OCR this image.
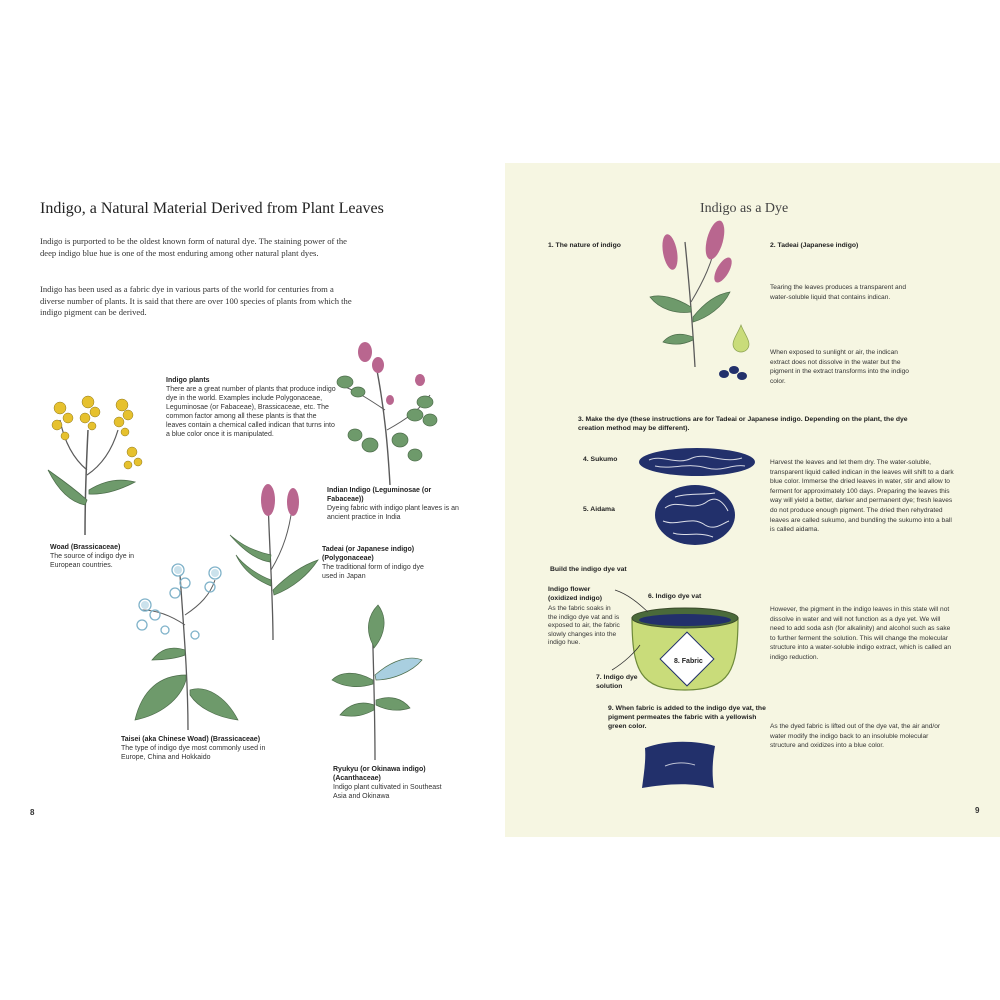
Indigo, a Natural Material Derived from Plant Leaves

Indigo is purported to be the oldest known form of natural dye. The staining power of the deep indigo blue hue is one of the most enduring among other natural plant dyes.

Indigo has been used as a fabric dye in various parts of the world for centuries from a diverse number of plants. It is said that there are over 100 species of plants from which the indigo pigment can be derived.

Indigo plants
There are a great number of plants that produce indigo dye in the world. Examples include Polygonaceae, Leguminosae (or Fabaceae), Brassicaceae, etc. The common factor among all these plants is that the leaves contain a chemical called indican that turns into a blue color once it is manipulated.
Woad (Brassicaceae)
The source of indigo dye in European countries.
Indian Indigo (Leguminosae (or Fabaceae))
Dyeing fabric with indigo plant leaves is an ancient practice in India
Tadeai (or Japanese indigo) (Polygonaceae)
The traditional form of indigo dye used in Japan
Taisei (aka Chinese Woad) (Brassicaceae)
The type of indigo dye most commonly used in Europe, China and Hokkaido
Ryukyu (or Okinawa indigo) (Acanthaceae)
Indigo plant cultivated in Southeast Asia and Okinawa
8
Indigo as a Dye
1. The nature of indigo	2. Tadeai (Japanese indigo)
Tearing the leaves produces a transparent and water-soluble liquid that contains indican.
When exposed to sunlight or air, the indican extract does not dissolve in the water but the pigment in the extract transforms into the indigo color.
3. Make the dye (these instructions are for Tadeai or Japanese indigo. Depending on the plant, the dye creation method may be different).
4. Sukumo
5. Aidama
Harvest the leaves and let them dry. The water-soluble, transparent liquid called indican in the leaves will shift to a dark blue color. Immerse the dried leaves in water, stir and allow to ferment for approximately 100 days. Preparing the leaves this way will yield a better, darker and permanent dye; fresh leaves do not produce enough pigment. The dried then rehydrated leaves are called sukumo, and bundling the sukumo into a ball is called aidama.
Build the indigo dye vat
Indigo flower (oxidized indigo)
As the fabric soaks in the indigo dye vat and is exposed to air, the fabric slowly changes into the indigo hue.
6. Indigo dye vat
7. Indigo dye solution
However, the pigment in the indigo leaves in this state will not dissolve in water and will not function as a dye yet. We will need to add soda ash (for alkalinity) and alcohol such as sake to further ferment the solution. This will change the molecular structure into a water-soluble indigo extract, which is called an indigo reduction.
9. When fabric is added to the indigo dye vat, the pigment permeates the fabric with a yellowish green color.	As the dyed fabric is lifted out of the dye vat, the air and/or water modify the indigo back to an insoluble molecular structure and oxidizes into a blue color.
9
8. Fabric
